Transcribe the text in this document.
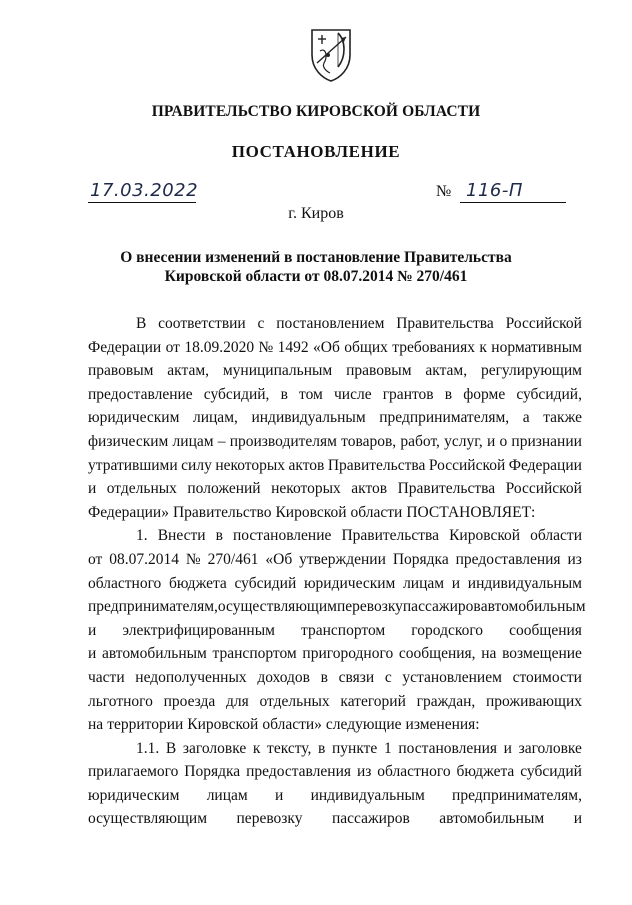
ПРАВИТЕЛЬСТВО КИРОВСКОЙ ОБЛАСТИ
ПОСТАНОВЛЕНИЕ
17.03.2022	№ 116-П
г. Киров
О внесении изменений в постановление Правительства
Кировской области от 08.07.2014 № 270/461
В соответствии с постановлением Правительства Российской
Федерации от 18.09.2020 № 1492 «Об общих требованиях к нормативным
правовым актам, муниципальным правовым актам, регулирующим
предоставление субсидий, в том числе грантов в форме субсидий,
юридическим лицам, индивидуальным предпринимателям, а также
физическим лицам – производителям товаров, работ, услуг, и о признании
утратившими силу некоторых актов Правительства Российской Федерации
и отдельных положений некоторых актов Правительства Российской
Федерации» Правительство Кировской области ПОСТАНОВЛЯЕТ:
1. Внести в постановление Правительства Кировской области
от 08.07.2014 № 270/461 «Об утверждении Порядка предоставления из
областного бюджета субсидий юридическим лицам и индивидуальным
предпринимателям, осуществляющим перевозку пассажиров автомобильным
и электрифицированным транспортом городского сообщения
и автомобильным транспортом пригородного сообщения, на возмещение
части недополученных доходов в связи с установлением стоимости
льготного проезда для отдельных категорий граждан, проживающих
на территории Кировской области» следующие изменения:
1.1. В заголовке к тексту, в пункте 1 постановления и заголовке
прилагаемого Порядка предоставления из областного бюджета субсидий
юридическим лицам и индивидуальным предпринимателям,
осуществляющим перевозку пассажиров автомобильным и
